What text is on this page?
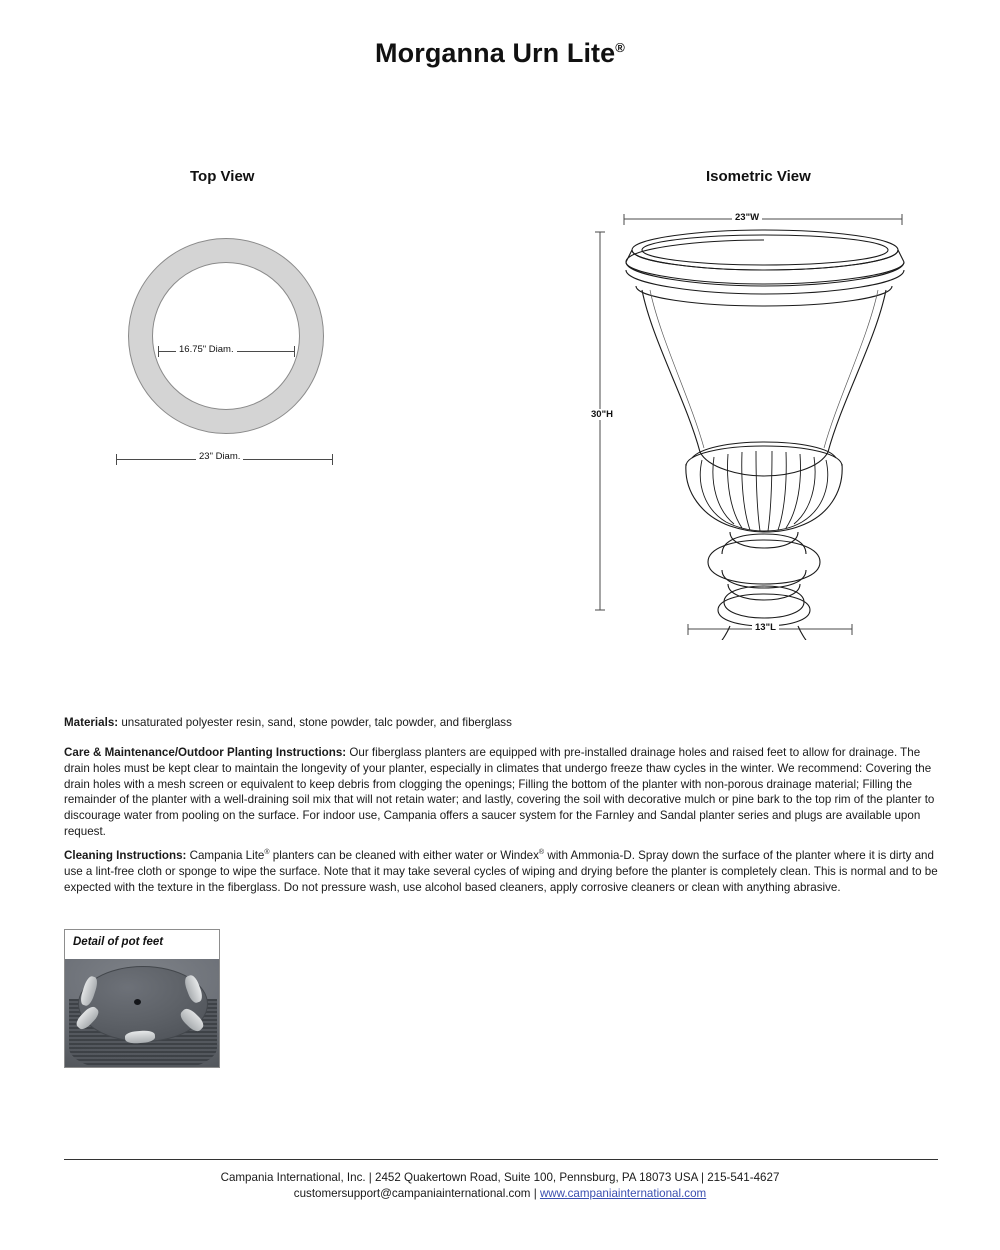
Morganna Urn Lite®
Top View	Isometric View
16.75" Diam.
23" Diam.
23"W
30"H
13"L
Materials: unsaturated polyester resin, sand, stone powder, talc powder, and fiberglass
Care & Maintenance/Outdoor Planting Instructions: Our fiberglass planters are equipped with pre-installed drainage holes and raised feet to allow for drainage. The drain holes must be kept clear to maintain the longevity of your planter, especially in climates that undergo freeze thaw cycles in the winter. We recommend: Covering the drain holes with a mesh screen or equivalent to keep debris from clogging the openings; Filling the bottom of the planter with non-porous drainage material; Filling the remainder of the planter with a well-draining soil mix that will not retain water; and lastly, covering the soil with decorative mulch or pine bark to the top rim of the planter to discourage water from pooling on the surface. For indoor use, Campania offers a saucer system for the Farnley and Sandal planter series and plugs are available upon request.
Cleaning Instructions: Campania Lite® planters can be cleaned with either water or Windex® with Ammonia-D. Spray down the surface of the planter where it is dirty and use a lint-free cloth or sponge to wipe the surface. Note that it may take several cycles of wiping and drying before the planter is completely clean. This is normal and to be expected with the texture in the fiberglass. Do not pressure wash, use alcohol based cleaners, apply corrosive cleaners or clean with anything abrasive.
Detail of pot feet
Campania International, Inc. | 2452 Quakertown Road, Suite 100, Pennsburg, PA 18073 USA | 215-541-4627
customersupport@campaniainternational.com | www.campaniainternational.com
